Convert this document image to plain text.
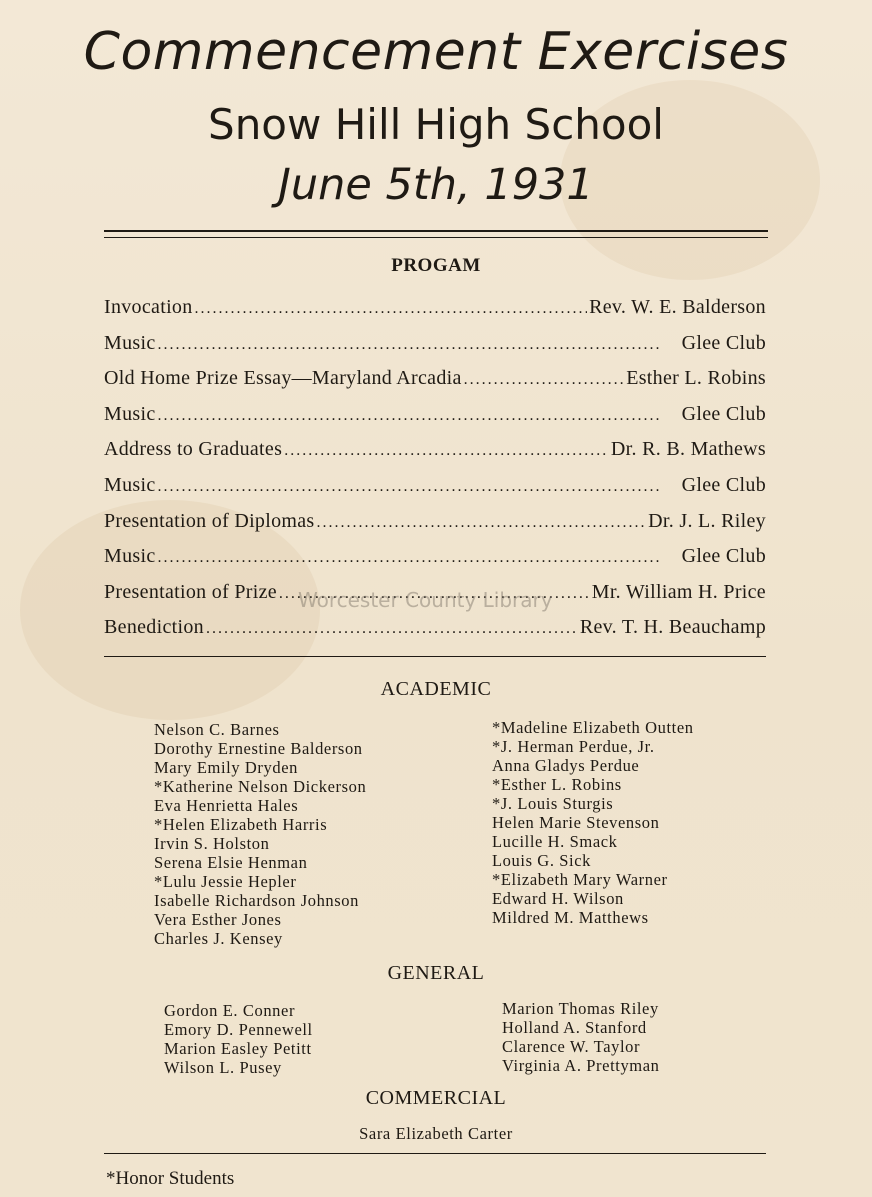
Commencement Exercises
Snow Hill High School
June 5th, 1931
PROGAM
Invocation . . .	Rev. W. E. Balderson
Music . . .	Glee Club
Old Home Prize Essay—Maryland Arcadia . . .	Esther L. Robins
Music . . .	Glee Club
Address to Graduates . . .	Dr. R. B. Mathews
Music . . .	Glee Club
Presentation of Diplomas . . .	Dr. J. L. Riley
Music . . .	Glee Club
Presentation of Prize . . .	Mr. William H. Price
Benediction . . .	Rev. T. H. Beauchamp
Worcester County Library
ACADEMIC
Nelson C. Barnes
Dorothy Ernestine Balderson
Mary Emily Dryden
*Katherine Nelson Dickerson
Eva Henrietta Hales
*Helen Elizabeth Harris
Irvin S. Holston
Serena Elsie Henman
*Lulu Jessie Hepler
Isabelle Richardson Johnson
Vera Esther Jones
Charles J. Kensey
*Madeline Elizabeth Outten
*J. Herman Perdue, Jr.
Anna Gladys Perdue
*Esther L. Robins
*J. Louis Sturgis
Helen Marie Stevenson
Lucille H. Smack
Louis G. Sick
*Elizabeth Mary Warner
Edward H. Wilson
Mildred M. Matthews
GENERAL
Gordon E. Conner
Emory D. Pennewell
Marion Easley Petitt
Wilson L. Pusey
Marion Thomas Riley
Holland A. Stanford
Clarence W. Taylor
Virginia A. Prettyman
COMMERCIAL
Sara Elizabeth Carter
*Honor Students
